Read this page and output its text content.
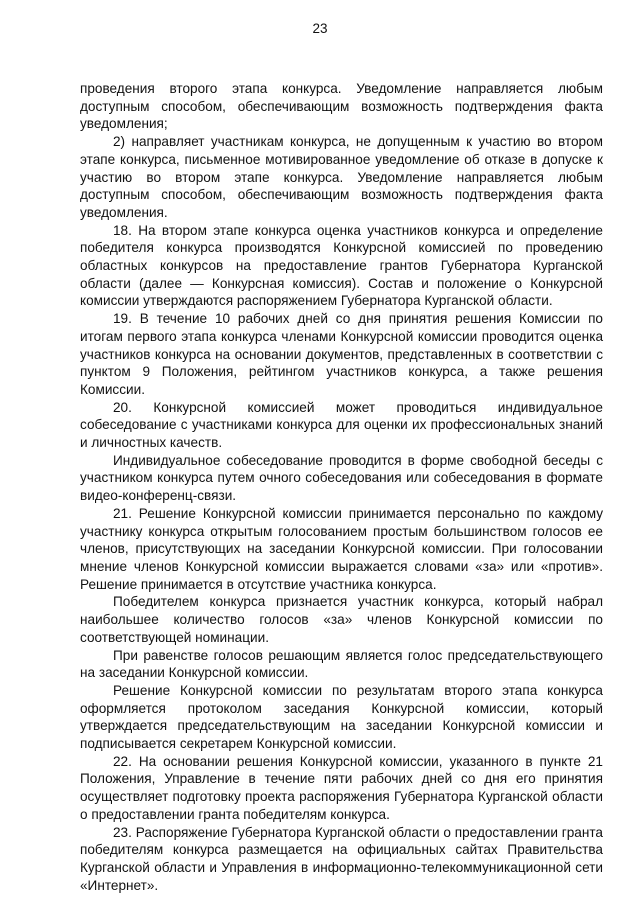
23

проведения второго этапа конкурса. Уведомление направляется любым доступным способом, обеспечивающим возможность подтверждения факта уведомления;

2) направляет участникам конкурса, не допущенным к участию во втором этапе конкурса, письменное мотивированное уведомление об отказе в допуске к участию во втором этапе конкурса. Уведомление направляется любым доступным способом, обеспечивающим возможность подтверждения факта уведомления.

18. На втором этапе конкурса оценка участников конкурса и определение победителя конкурса производятся Конкурсной комиссией по проведению областных конкурсов на предоставление грантов Губернатора Курганской области (далее — Конкурсная комиссия). Состав и положение о Конкурсной комиссии утверждаются распоряжением Губернатора Курганской области.

19. В течение 10 рабочих дней со дня принятия решения Комиссии по итогам первого этапа конкурса членами Конкурсной комиссии проводится оценка участников конкурса на основании документов, представленных в соответствии с пунктом 9 Положения, рейтингом участников конкурса, а также решения Комиссии.

20. Конкурсной комиссией может проводиться индивидуальное собеседование с участниками конкурса для оценки их профессиональных знаний и личностных качеств.

Индивидуальное собеседование проводится в форме свободной беседы с участником конкурса путем очного собеседования или собеседования в формате видео-конференц-связи.

21. Решение Конкурсной комиссии принимается персонально по каждому участнику конкурса открытым голосованием простым большинством голосов ее членов, присутствующих на заседании Конкурсной комиссии. При голосовании мнение членов Конкурсной комиссии выражается словами «за» или «против». Решение принимается в отсутствие участника конкурса.

Победителем конкурса признается участник конкурса, который набрал наибольшее количество голосов «за» членов Конкурсной комиссии по соответствующей номинации.

При равенстве голосов решающим является голос председательствующего на заседании Конкурсной комиссии.

Решение Конкурсной комиссии по результатам второго этапа конкурса оформляется протоколом заседания Конкурсной комиссии, который утверждается председательствующим на заседании Конкурсной комиссии и подписывается секретарем Конкурсной комиссии.

22. На основании решения Конкурсной комиссии, указанного в пункте 21 Положения, Управление в течение пяти рабочих дней со дня его принятия осуществляет подготовку проекта распоряжения Губернатора Курганской области о предоставлении гранта победителям конкурса.

23. Распоряжение Губернатора Курганской области о предоставлении гранта победителям конкурса размещается на официальных сайтах Правительства Курганской области и Управления в информационно-телекоммуникационной сети «Интернет».
